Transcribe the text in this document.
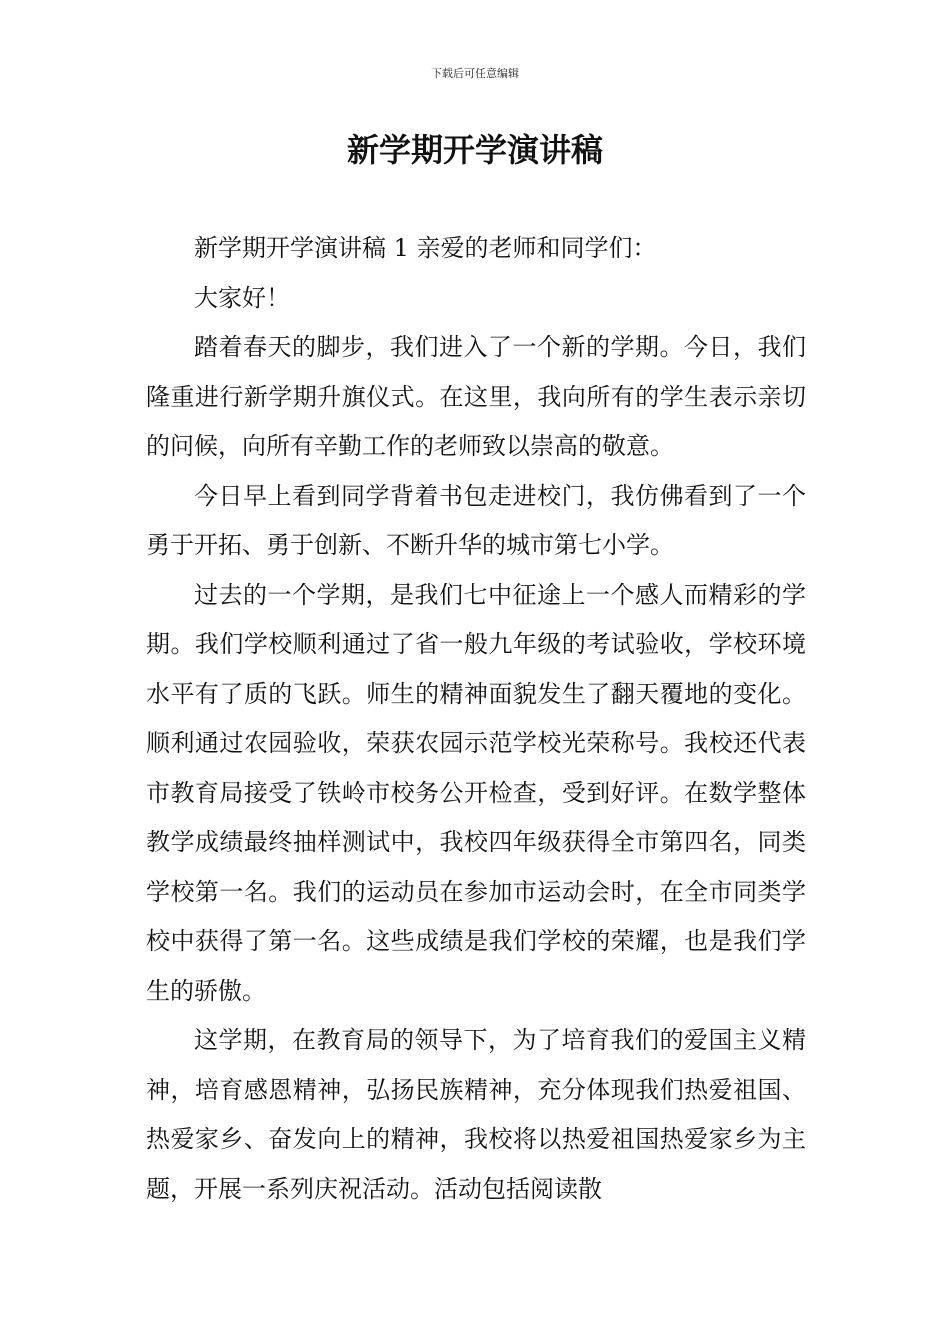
下载后可任意编辑
新学期开学演讲稿

新学期开学演讲稿 1 亲爱的老师和同学们：

大家好！

踏着春天的脚步，我们进入了一个新的学期。今日，我们隆重进行新学期升旗仪式。在这里，我向所有的学生表示亲切的问候，向所有辛勤工作的老师致以崇高的敬意。

今日早上看到同学背着书包走进校门，我仿佛看到了一个勇于开拓、勇于创新、不断升华的城市第七小学。

过去的一个学期，是我们七中征途上一个感人而精彩的学期。我们学校顺利通过了省一般九年级的考试验收，学校环境水平有了质的飞跃。师生的精神面貌发生了翻天覆地的变化。顺利通过农园验收，荣获农园示范学校光荣称号。我校还代表市教育局接受了铁岭市校务公开检查，受到好评。在数学整体教学成绩最终抽样测试中，我校四年级获得全市第四名，同类学校第一名。我们的运动员在参加市运动会时，在全市同类学校中获得了第一名。这些成绩是我们学校的荣耀，也是我们学生的骄傲。

这学期，在教育局的领导下，为了培育我们的爱国主义精神，培育感恩精神，弘扬民族精神，充分体现我们热爱祖国、热爱家乡、奋发向上的精神，我校将以热爱祖国热爱家乡为主题，开展一系列庆祝活动。活动包括阅读散
